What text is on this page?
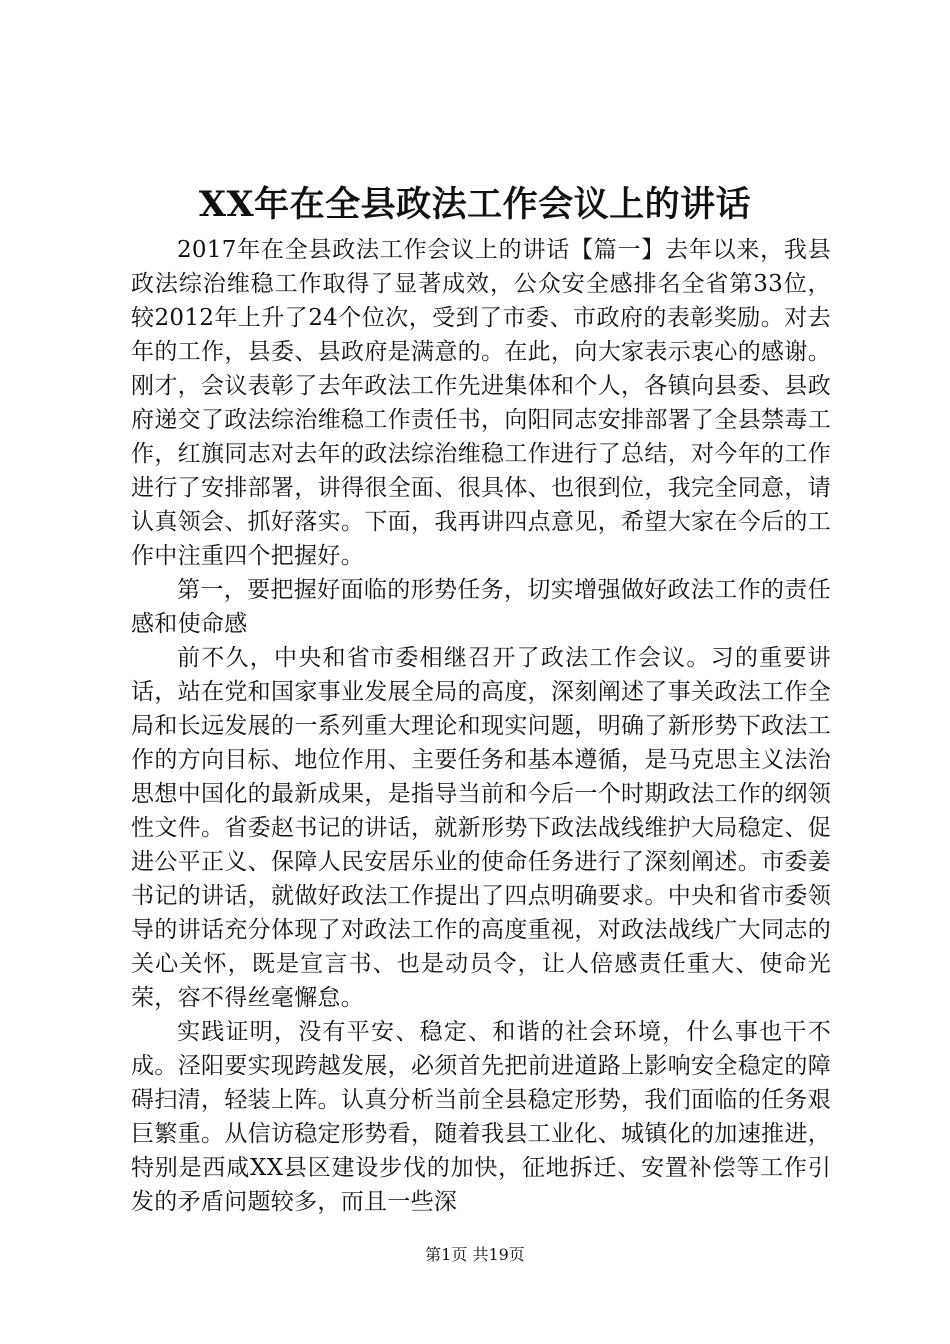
XX年在全县政法工作会议上的讲话

2017年在全县政法工作会议上的讲话【篇一】去年以来，我县政法综治维稳工作取得了显著成效，公众安全感排名全省第33位，较2012年上升了24个位次，受到了市委、市政府的表彰奖励。对去年的工作，县委、县政府是满意的。在此，向大家表示衷心的感谢。刚才，会议表彰了去年政法工作先进集体和个人，各镇向县委、县政府递交了政法综治维稳工作责任书，向阳同志安排部署了全县禁毒工作，红旗同志对去年的政法综治维稳工作进行了总结，对今年的工作进行了安排部署，讲得很全面、很具体、也很到位，我完全同意，请认真领会、抓好落实。下面，我再讲四点意见，希望大家在今后的工作中注重四个把握好。

第一，要把握好面临的形势任务，切实增强做好政法工作的责任感和使命感

前不久，中央和省市委相继召开了政法工作会议。习的重要讲话，站在党和国家事业发展全局的高度，深刻阐述了事关政法工作全局和长远发展的一系列重大理论和现实问题，明确了新形势下政法工作的方向目标、地位作用、主要任务和基本遵循，是马克思主义法治思想中国化的最新成果，是指导当前和今后一个时期政法工作的纲领性文件。省委赵书记的讲话，就新形势下政法战线维护大局稳定、促进公平正义、保障人民安居乐业的使命任务进行了深刻阐述。市委姜书记的讲话，就做好政法工作提出了四点明确要求。中央和省市委领导的讲话充分体现了对政法工作的高度重视，对政法战线广大同志的关心关怀，既是宣言书、也是动员令，让人倍感责任重大、使命光荣，容不得丝毫懈怠。

实践证明，没有平安、稳定、和谐的社会环境，什么事也干不成。泾阳要实现跨越发展，必须首先把前进道路上影响安全稳定的障碍扫清，轻装上阵。认真分析当前全县稳定形势，我们面临的任务艰巨繁重。从信访稳定形势看，随着我县工业化、城镇化的加速推进，特别是西咸XX县区建设步伐的加快，征地拆迁、安置补偿等工作引发的矛盾问题较多，而且一些深

第1页 共19页
